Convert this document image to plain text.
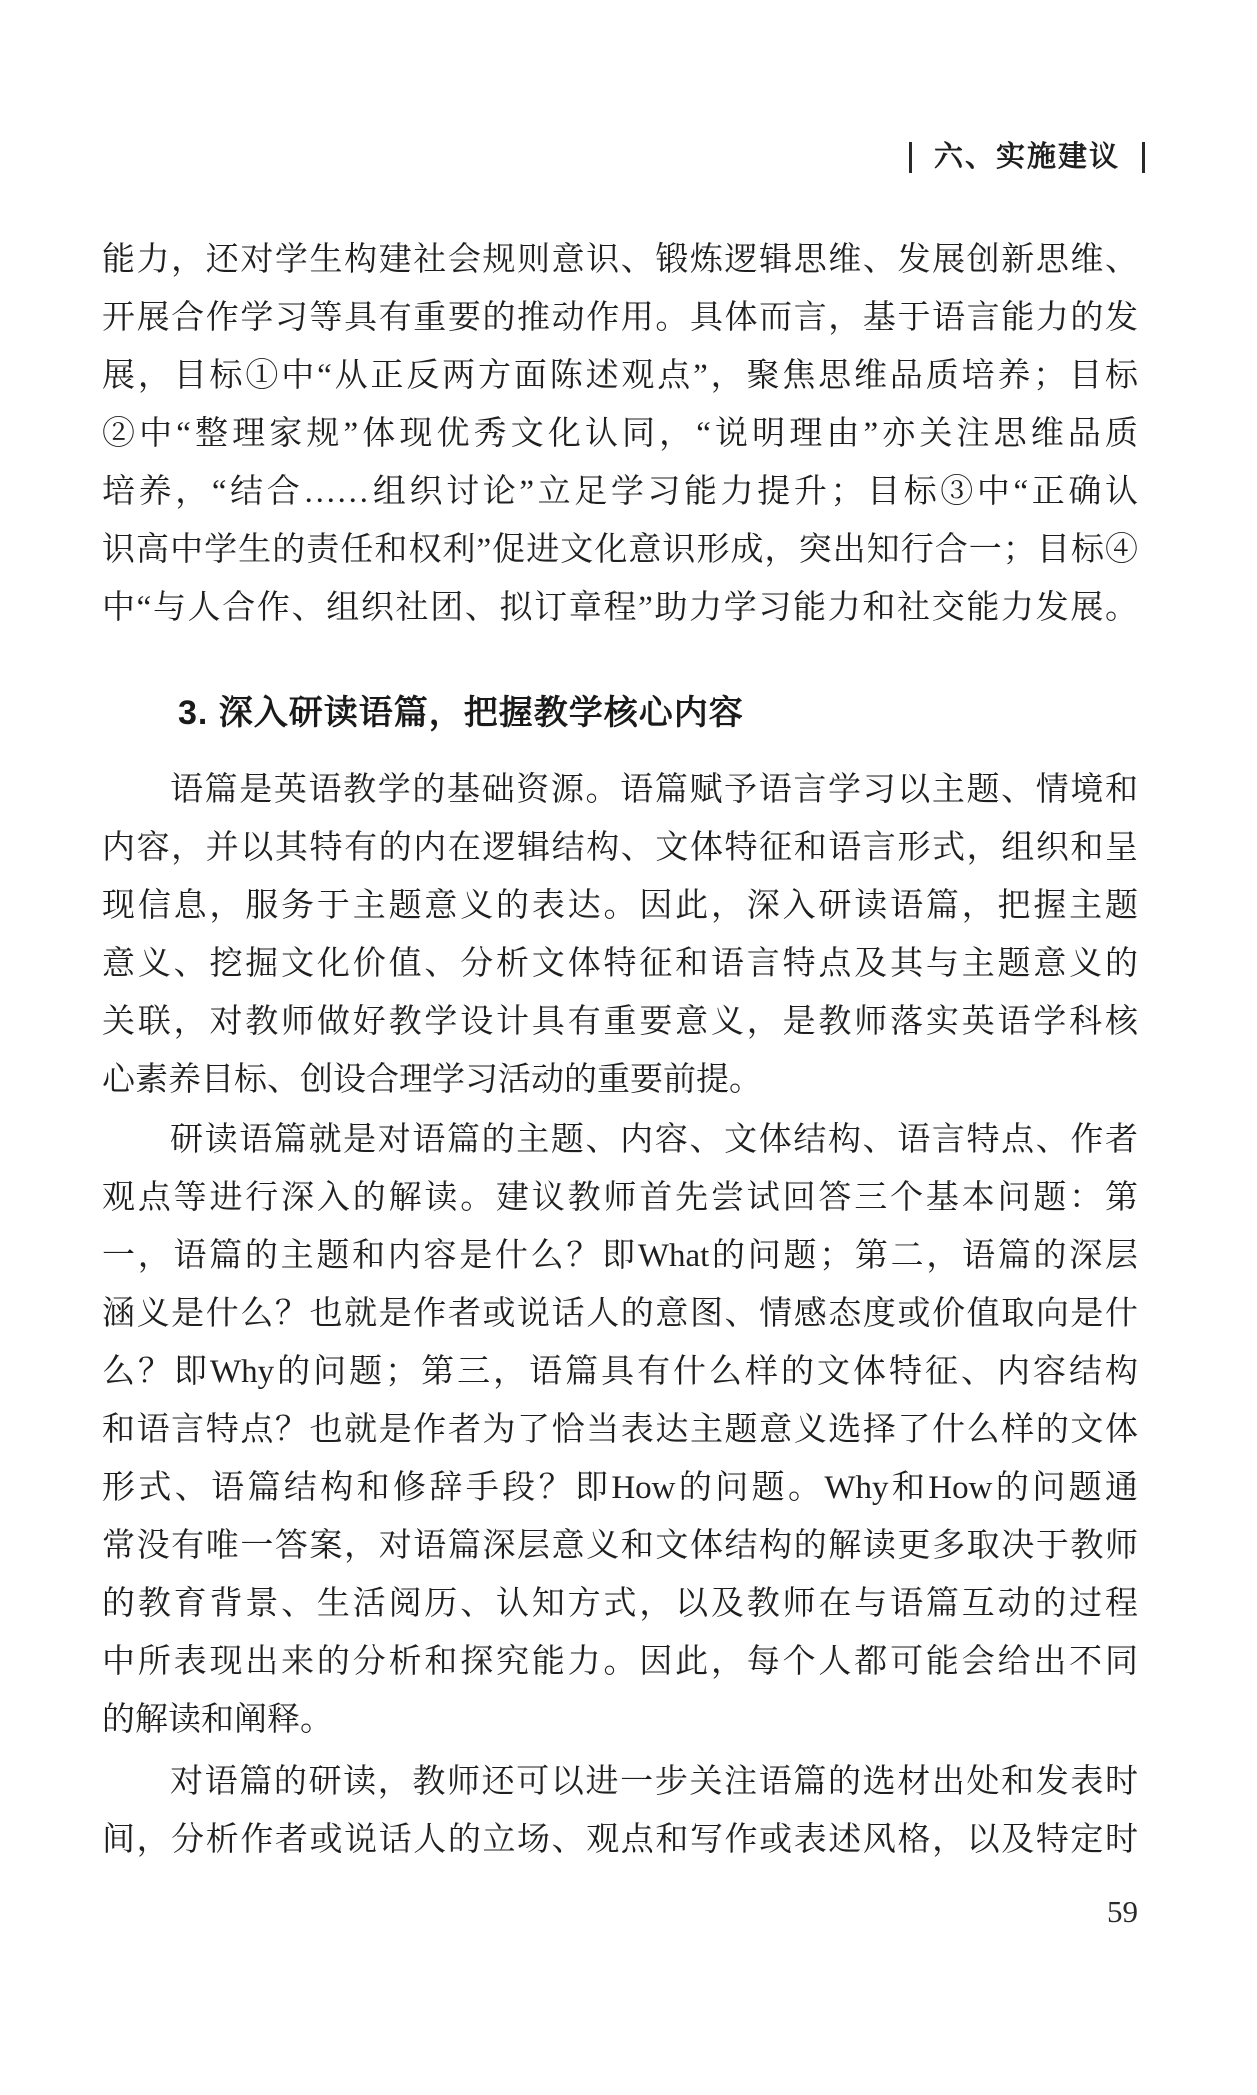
六、实施建议
能力，还对学生构建社会规则意识、锻炼逻辑思维、发展创新思维、
开展合作学习等具有重要的推动作用。具体而言，基于语言能力的发
展，目标①中“从正反两方面陈述观点”，聚焦思维品质培养；目标
②中“整理家规”体现优秀文化认同，“说明理由”亦关注思维品质
培养，“结合……组织讨论”立足学习能力提升；目标③中“正确认
识高中学生的责任和权利”促进文化意识形成，突出知行合一；目标④
中“与人合作、组织社团、拟订章程”助力学习能力和社交能力发展。
3. 深入研读语篇，把握教学核心内容
语篇是英语教学的基础资源。语篇赋予语言学习以主题、情境和
内容，并以其特有的内在逻辑结构、文体特征和语言形式，组织和呈
现信息，服务于主题意义的表达。因此，深入研读语篇，把握主题
意义、挖掘文化价值、分析文体特征和语言特点及其与主题意义的
关联，对教师做好教学设计具有重要意义，是教师落实英语学科核
心素养目标、创设合理学习活动的重要前提。
研读语篇就是对语篇的主题、内容、文体结构、语言特点、作者
观点等进行深入的解读。建议教师首先尝试回答三个基本问题：第
一，语篇的主题和内容是什么？即What的问题；第二，语篇的深层
涵义是什么？也就是作者或说话人的意图、情感态度或价值取向是什
么？即Why的问题；第三，语篇具有什么样的文体特征、内容结构
和语言特点？也就是作者为了恰当表达主题意义选择了什么样的文体
形式、语篇结构和修辞手段？即How的问题。Why和How的问题通
常没有唯一答案，对语篇深层意义和文体结构的解读更多取决于教师
的教育背景、生活阅历、认知方式，以及教师在与语篇互动的过程
中所表现出来的分析和探究能力。因此，每个人都可能会给出不同
的解读和阐释。
对语篇的研读，教师还可以进一步关注语篇的选材出处和发表时
间，分析作者或说话人的立场、观点和写作或表述风格，以及特定时
59
